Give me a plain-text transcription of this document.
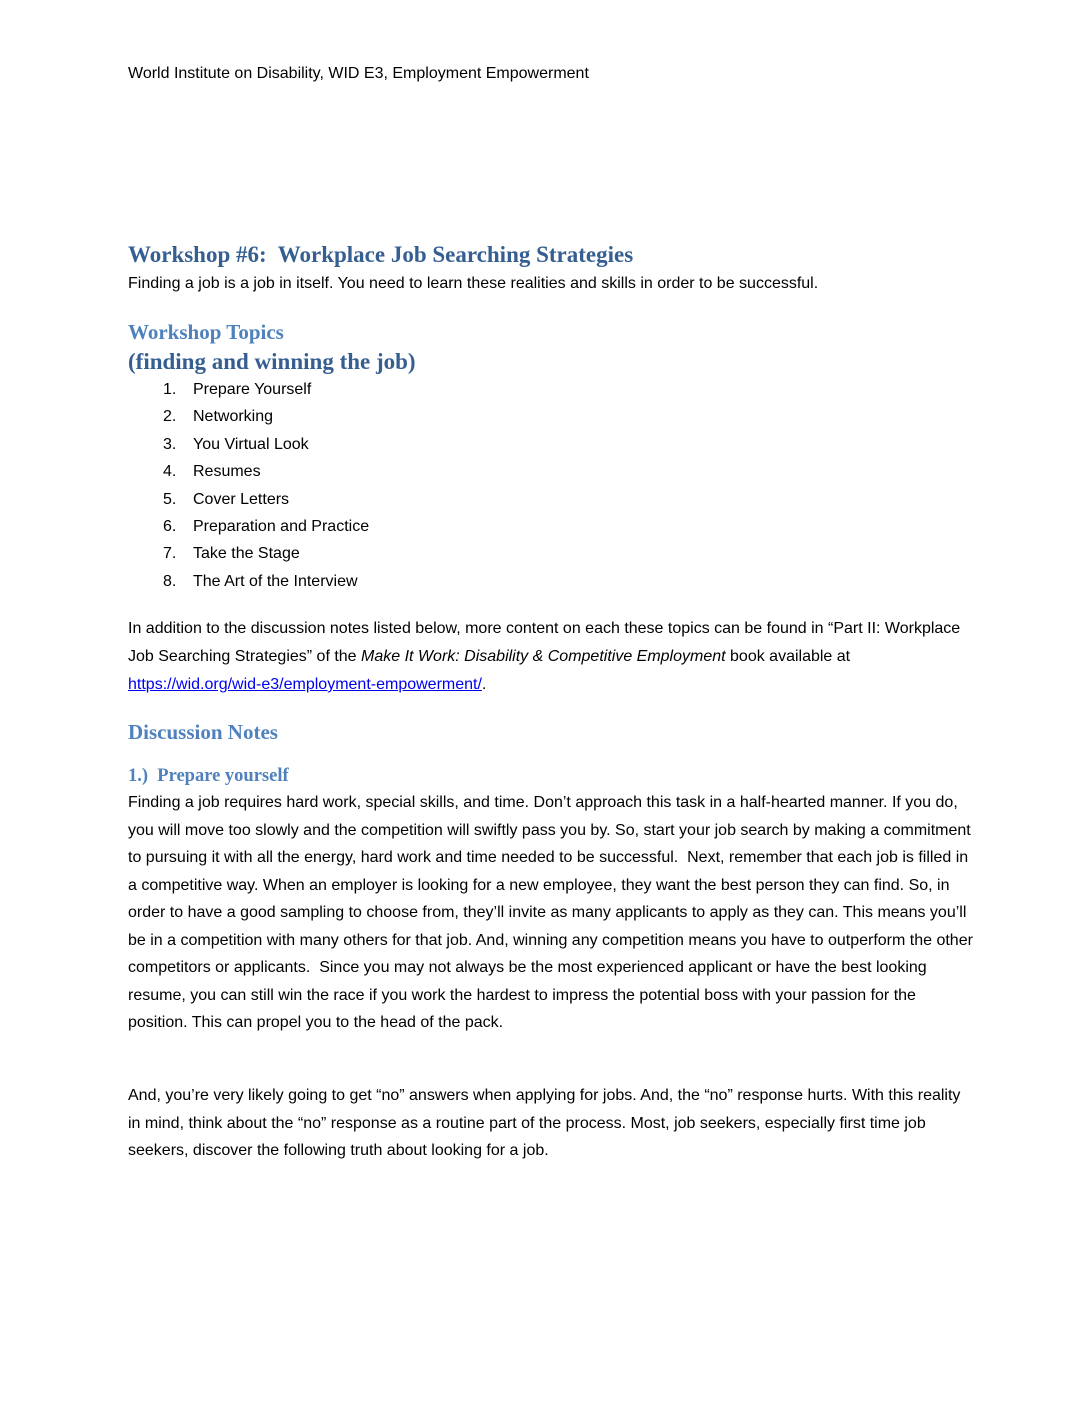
World Institute on Disability, WID E3, Employment Empowerment

Workshop #6:  Workplace Job Searching Strategies

(finding and winning the job)

Finding a job is a job in itself. You need to learn these realities and skills in order to be successful.

Workshop Topics
1.	Prepare Yourself
2.	Networking
3.	You Virtual Look
4.	Resumes
5.	Cover Letters
6.	Preparation and Practice
7.	Take the Stage
8.	The Art of the Interview

In addition to the discussion notes listed below, more content on each these topics can be found in “Part II: Workplace Job Searching Strategies” of the Make It Work: Disability & Competitive Employment book available at https://wid.org/wid-e3/employment-empowerment/.

Discussion Notes
1.)  Prepare yourself

Finding a job requires hard work, special skills, and time. Don’t approach this task in a half-hearted manner. If you do, you will move too slowly and the competition will swiftly pass you by. So, start your job search by making a commitment to pursuing it with all the energy, hard work and time needed to be successful.  Next, remember that each job is filled in a competitive way. When an employer is looking for a new employee, they want the best person they can find. So, in order to have a good sampling to choose from, they’ll invite as many applicants to apply as they can. This means you’ll be in a competition with many others for that job. And, winning any competition means you have to outperform the other competitors or applicants.  Since you may not always be the most experienced applicant or have the best looking resume, you can still win the race if you work the hardest to impress the potential boss with your passion for the position. This can propel you to the head of the pack.

And, you’re very likely going to get “no” answers when applying for jobs. And, the “no” response hurts. With this reality in mind, think about the “no” response as a routine part of the process. Most, job seekers, especially first time job seekers, discover the following truth about looking for a job.
